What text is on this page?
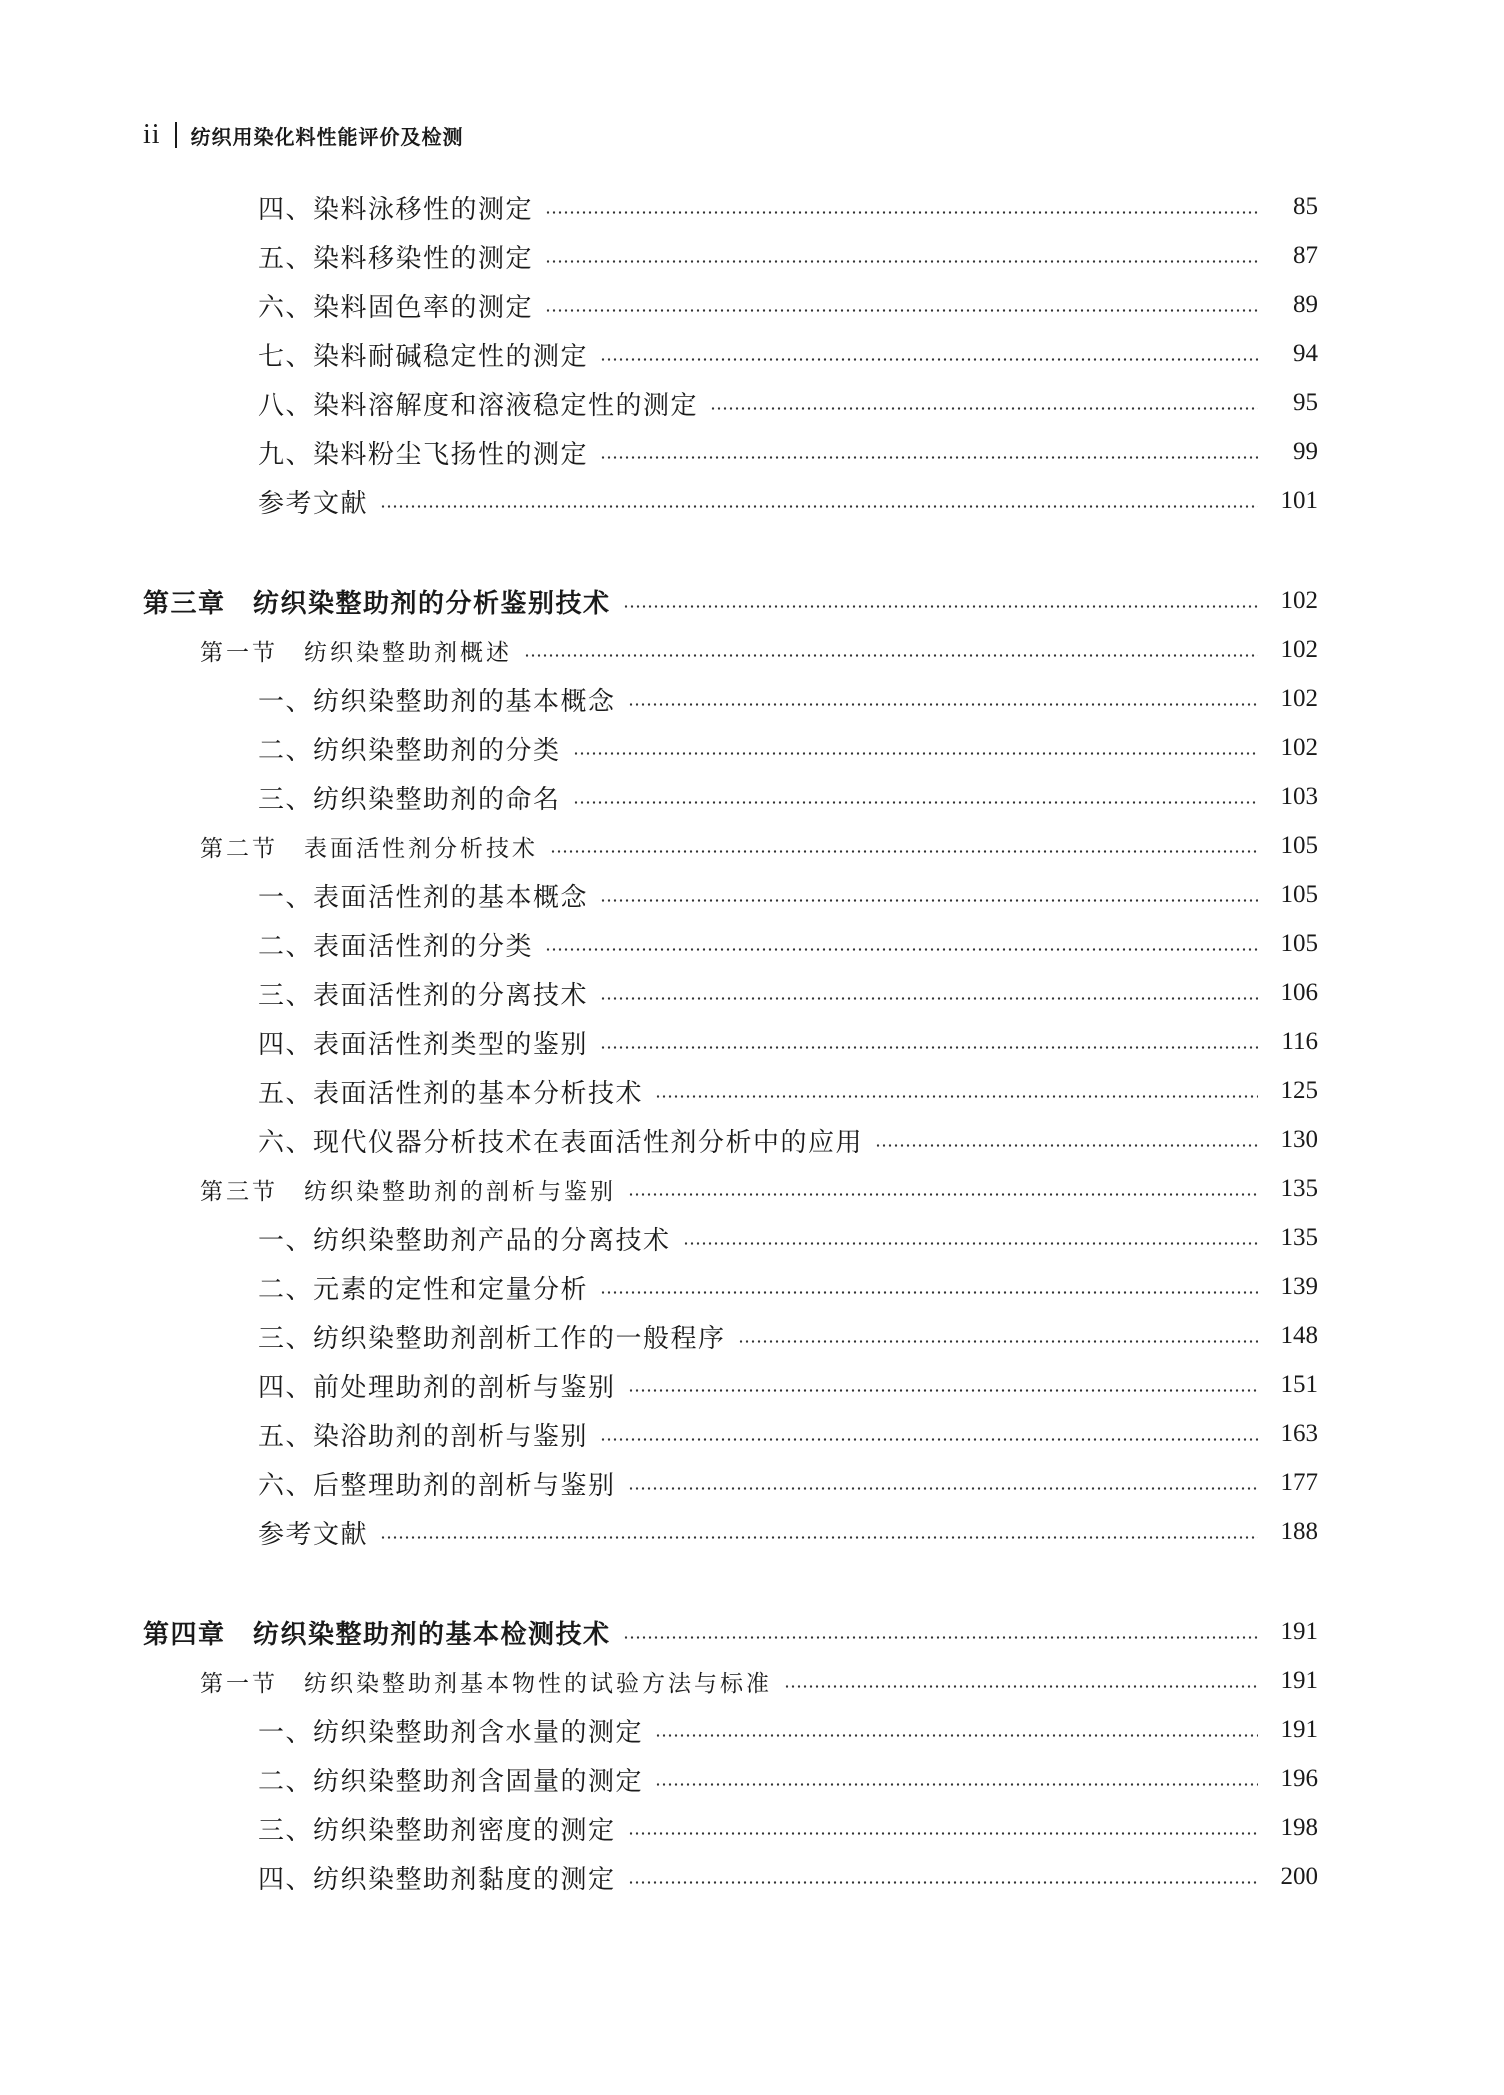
ii 纺织用染化料性能评价及检测
四、染料泳移性的测定	85
五、染料移染性的测定	87
六、染料固色率的测定	89
七、染料耐碱稳定性的测定	94
八、染料溶解度和溶液稳定性的测定	95
九、染料粉尘飞扬性的测定	99
参考文献	101
第三章　纺织染整助剂的分析鉴别技术	102
第一节　纺织染整助剂概述	102
一、纺织染整助剂的基本概念	102
二、纺织染整助剂的分类	102
三、纺织染整助剂的命名	103
第二节　表面活性剂分析技术	105
一、表面活性剂的基本概念	105
二、表面活性剂的分类	105
三、表面活性剂的分离技术	106
四、表面活性剂类型的鉴别	116
五、表面活性剂的基本分析技术	125
六、现代仪器分析技术在表面活性剂分析中的应用	130
第三节　纺织染整助剂的剖析与鉴别	135
一、纺织染整助剂产品的分离技术	135
二、元素的定性和定量分析	139
三、纺织染整助剂剖析工作的一般程序	148
四、前处理助剂的剖析与鉴别	151
五、染浴助剂的剖析与鉴别	163
六、后整理助剂的剖析与鉴别	177
参考文献	188
第四章　纺织染整助剂的基本检测技术	191
第一节　纺织染整助剂基本物性的试验方法与标准	191
一、纺织染整助剂含水量的测定	191
二、纺织染整助剂含固量的测定	196
三、纺织染整助剂密度的测定	198
四、纺织染整助剂黏度的测定	200
